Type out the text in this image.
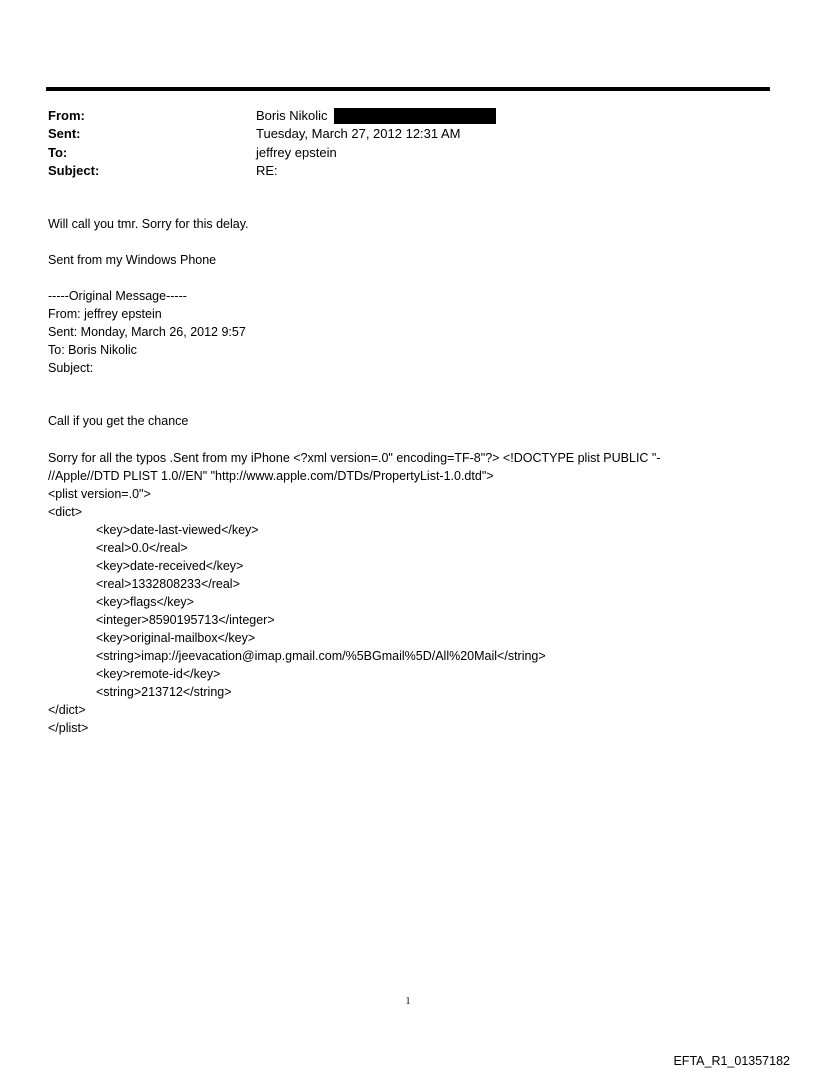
From:	Boris Nikolic
Sent:	Tuesday, March 27, 2012 12:31 AM
To:	jeffrey epstein
Subject:	RE:
Will call you tmr. Sorry for this delay.
Sent from my Windows Phone
-----Original Message-----
From: jeffrey epstein
Sent: Monday, March 26, 2012 9:57
To: Boris Nikolic
Subject:
Call if you get the chance
Sorry for all the typos .Sent from my iPhone <?xml version=.0" encoding=TF-8"?> <!DOCTYPE plist PUBLIC "-
//Apple//DTD PLIST 1.0//EN" "http://www.apple.com/DTDs/PropertyList-1.0.dtd">
<plist version=.0">
<dict>
<key>date-last-viewed</key>
<real>0.0</real>
<key>date-received</key>
<real>1332808233</real>
<key>flags</key>
<integer>8590195713</integer>
<key>original-mailbox</key>
<string>imap://jeevacation@imap.gmail.com/%5BGmail%5D/All%20Mail</string>
<key>remote-id</key>
<string>213712</string>
</dict>
</plist>
1
EFTA_R1_01357182
